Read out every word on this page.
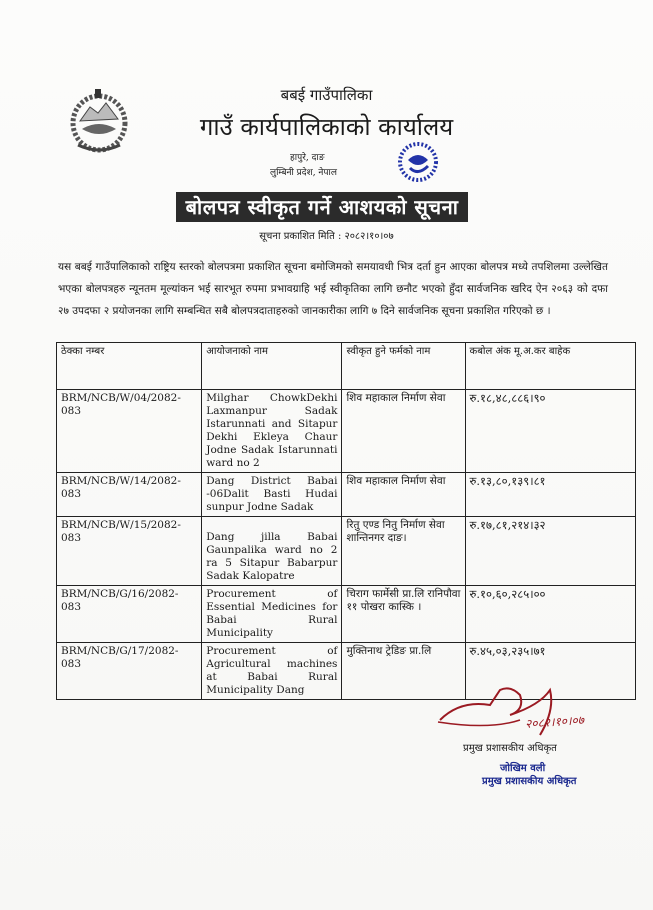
बबई गाउँपालिका
गाउँ कार्यपालिकाको कार्यालय
हापुरे, दाङ
लुम्बिनी प्रदेश, नेपाल
बोलपत्र स्वीकृत गर्ने आशयको सूचना
सूचना प्रकाशित मिति : २०८२।१०।०७
यस बबई गाउँपालिकाको राष्ट्रिय स्तरको बोलपत्रमा प्रकाशित सूचना बमोजिमको समयावधी भित्र दर्ता हुन आएका बोलपत्र मध्ये तपशिलमा उल्लेखित भएका बोलपत्रहरु न्यूनतम मूल्यांकन भई सारभूत रुपमा प्रभावग्राहि भई स्वीकृतिका लागि छनौट भएको हुँदा सार्वजनिक खरिद ऐन २०६३ को दफा २७ उपदफा २ प्रयोजनका लागि सम्बन्धित सबै बोलपत्रदाताहरुको जानकारीका लागि ७ दिने सार्वजनिक सूचना प्रकाशित गरिएको छ ।
ठेक्का नम्बर	आयोजनाको नाम	स्वीकृत हुने फर्मको नाम	कबोल अंक मू.अ.कर बाहेक
BRM/NCB/W/04/2082-083	Milghar ChowkDekhi Laxmanpur Sadak Istarunnati and Sitapur Dekhi Ekleya Chaur Jodne Sadak Istarunnati ward no 2	शिव महाकाल निर्माण सेवा	रु.१८,४८,८८६।९०
BRM/NCB/W/14/2082-083	Dang District Babai -06Dalit Basti Hudai sunpur Jodne Sadak	शिव महाकाल निर्माण सेवा	रु.१३,८०,१३९।८१
BRM/NCB/W/15/2082-083	Dang jilla Babai Gaunpalika ward no 2 ra 5 Sitapur Babarpur Sadak Kalopatre	रितु एण्ड नितु निर्माण सेवा शान्तिनगर दाङ।	रु.१७,८१,२१४।३२
BRM/NCB/G/16/2082-083	Procurement of Essential Medicines for Babai Rural Municipality	चिराग फार्मेसी प्रा.लि रानिपौवा ११ पोखरा कास्कि ।	रु.१०,६०,२८५।००
BRM/NCB/G/17/2082-083	Procurement of Agricultural machines at Babai Rural Municipality Dang	मुक्तिनाथ ट्रेडिङ प्रा.लि	रु.४५,०३,२३५।७१
२०८२।१०।०७
प्रमुख प्रशासकीय अधिकृत
जोखिम वली
प्रमुख प्रशासकीय अधिकृत
